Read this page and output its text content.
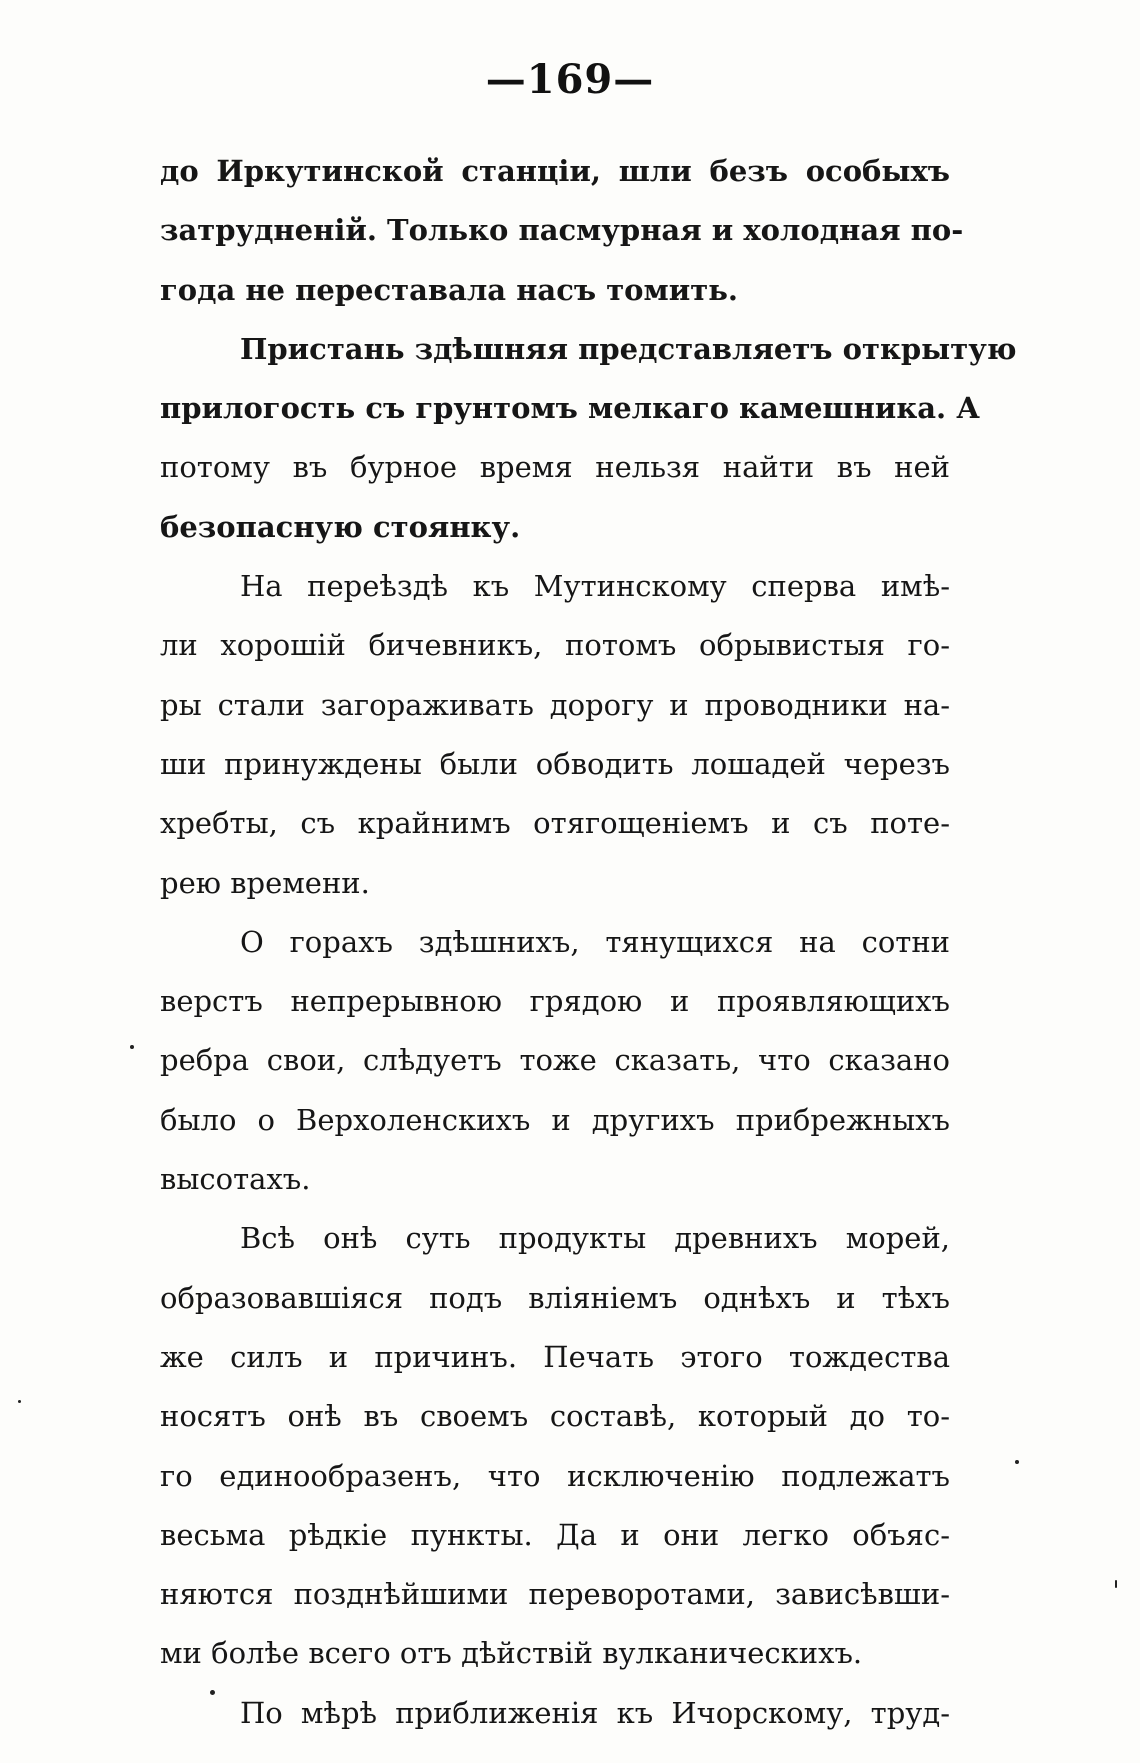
—169—
до Иркутинской станціи, шли безъ особыхъ
затрудненій. Только пасмурная и холодная по-
года не переставала насъ томить.
Пристань здѣшняя представляетъ открытую
прилогость съ грунтомъ мелкаго камешника. А
потому въ бурное время нельзя найти въ ней
безопасную стоянку.
На переѣздѣ къ Мутинскому сперва имѣ-
ли хорошій бичевникъ, потомъ обрывистыя го-
ры стали загораживать дорогу и проводники на-
ши принуждены были обводить лошадей черезъ
хребты, съ крайнимъ отягощеніемъ и съ поте-
рею времени.
О горахъ здѣшнихъ, тянущихся на сотни
верстъ непрерывною грядою и проявляющихъ
ребра свои, слѣдуетъ тоже сказать, что сказано
было о Верхоленскихъ и другихъ прибрежныхъ
высотахъ.
Всѣ онѣ суть продукты древнихъ морей,
образовавшіяся подъ вліяніемъ однѣхъ и тѣхъ
же силъ и причинъ. Печать этого тождества
носятъ онѣ въ своемъ составѣ, который до то-
го единообразенъ, что исключенію подлежатъ
весьма рѣдкіе пункты. Да и они легко объяс-
няются позднѣйшими переворотами, зависѣвши-
ми болѣе всего отъ дѣйствій вулканическихъ.
По мѣрѣ приближенія къ Ичорскому, труд-
